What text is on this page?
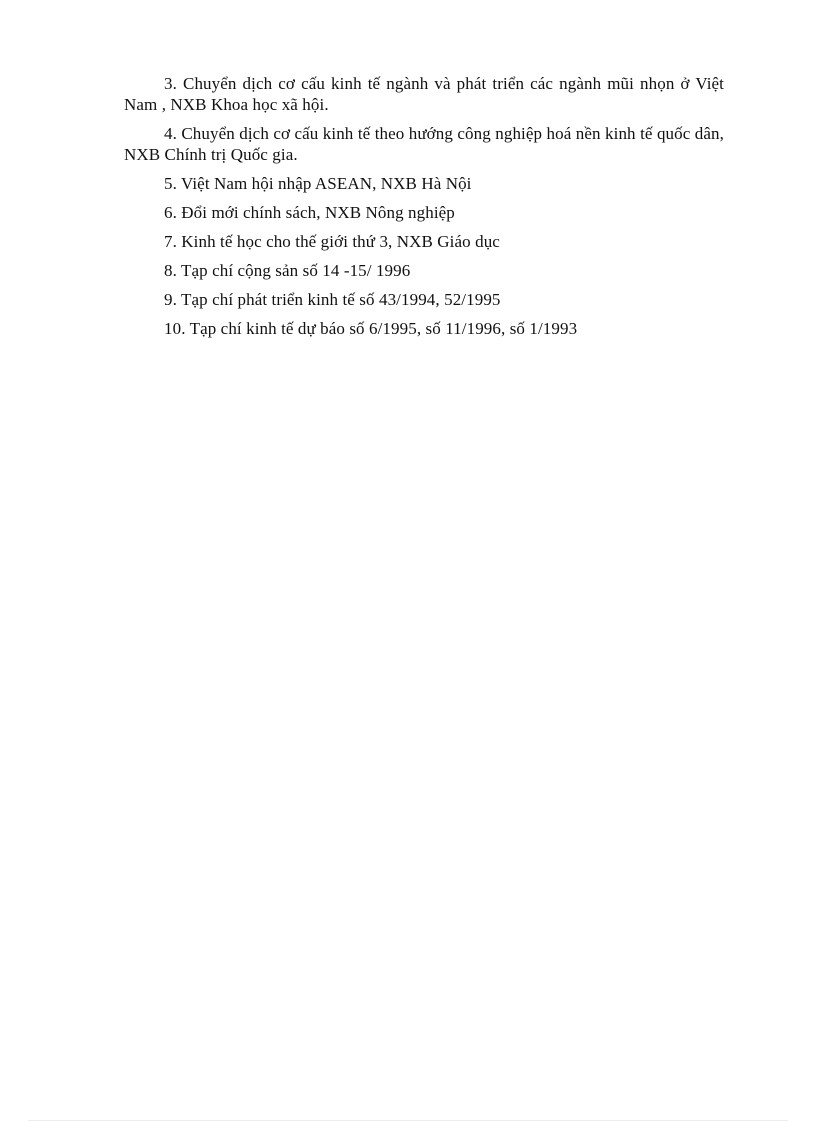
3. Chuyển dịch cơ cấu kinh tế ngành và phát triển các ngành mũi nhọn ở Việt Nam , NXB Khoa học xã hội.
4. Chuyển dịch cơ cấu kinh tế theo hướng công nghiệp hoá nền kinh tế quốc dân, NXB Chính trị Quốc gia.
5. Việt Nam hội nhập ASEAN, NXB Hà Nội
6. Đổi mới chính sách, NXB Nông nghiệp
7. Kinh tế học cho thế giới thứ 3, NXB Giáo dục
8. Tạp chí cộng sản số 14 -15/ 1996
9. Tạp chí phát triển kinh tế số 43/1994, 52/1995
10. Tạp chí kinh tế dự báo số 6/1995, số 11/1996, số 1/1993
